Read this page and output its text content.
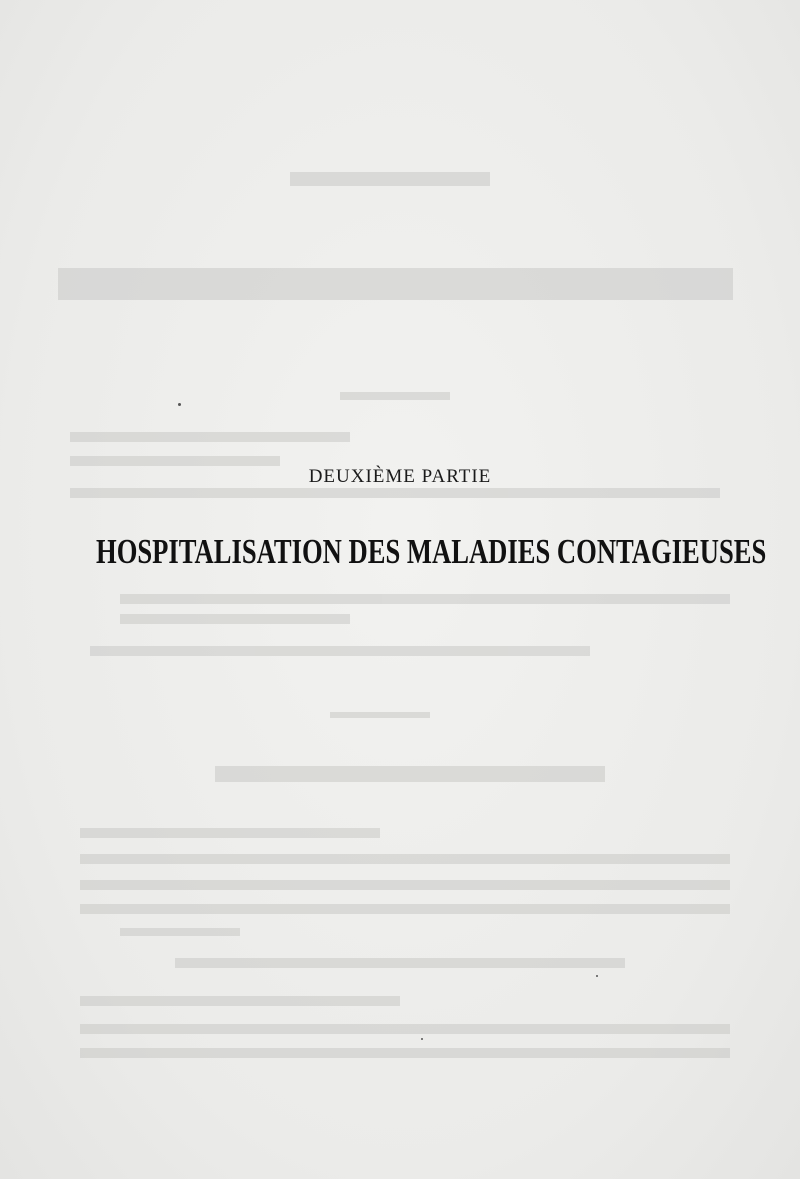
DEUXIÈME PARTIE
HOSPITALISATION DES MALADIES CONTAGIEUSES
